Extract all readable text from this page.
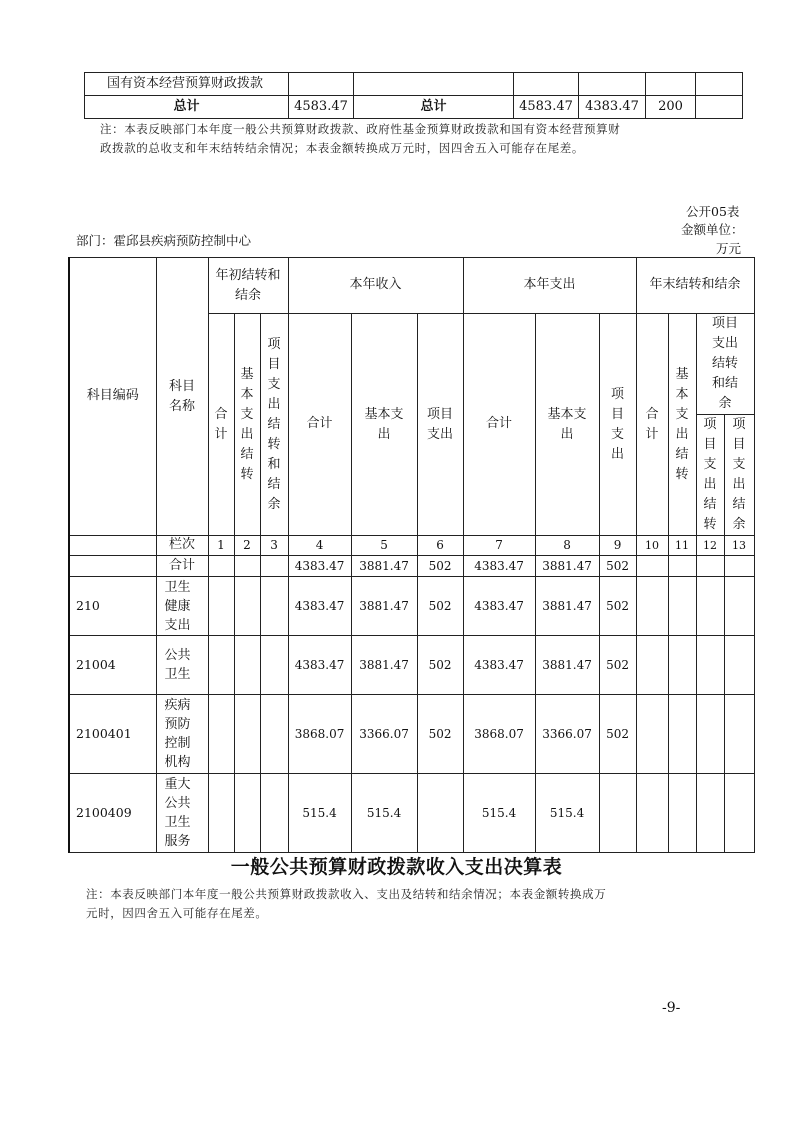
国有资本经营预算财政拨款						
总计	4583.47	总计	4583.47	4383.47	200	
注：本表反映部门本年度一般公共预算财政拨款、政府性基金预算财政拨款和国有资本经营预算财
政拨款的总收支和年末结转结余情况；本表金额转换成万元时，因四舍五入可能存在尾差。
公开05表
金额单位：
部门：霍邱县疾病预防控制中心
万元
科目编码	科目名称	年初结转和结余			本年收入			本年支出			年末结转和结余			
		合计	基本支出结转	项目支出结转和结余	合计	基本支出	项目支出	合计	基本支出	项目支出	合计	基本支出结转	项目支出结转和结余	
													项目支出结转	项目支出结余
	栏次	1	2	3	4	5	6	7	8	9	10	11	12	13
	合计				4383.47	3881.47	502	4383.47	3881.47	502				
210	卫生健康支出				4383.47	3881.47	502	4383.47	3881.47	502				
21004	公共卫生				4383.47	3881.47	502	4383.47	3881.47	502				
2100401	疾病预防控制机构				3868.07	3366.07	502	3868.07	3366.07	502				
2100409	重大公共卫生服务				515.4	515.4		515.4	515.4					
一般公共预算财政拨款收入支出决算表
注：本表反映部门本年度一般公共预算财政拨款收入、支出及结转和结余情况；本表金额转换成万
元时，因四舍五入可能存在尾差。
-9-
